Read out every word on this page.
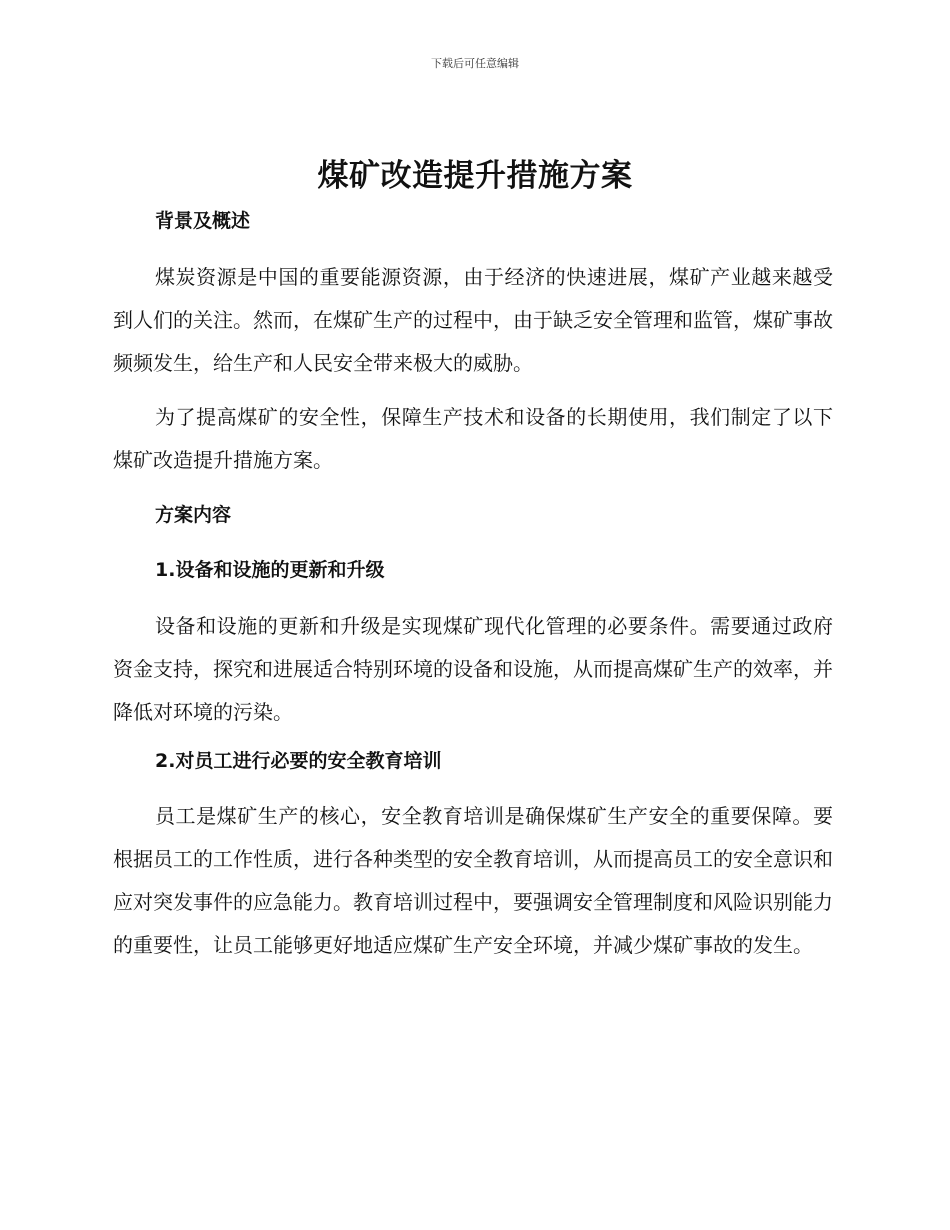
下载后可任意编辑
煤矿改造提升措施方案
背景及概述
煤炭资源是中国的重要能源资源，由于经济的快速进展，煤矿产业越来越受到人们的关注。然而，在煤矿生产的过程中，由于缺乏安全管理和监管，煤矿事故频频发生，给生产和人民安全带来极大的威胁。
为了提高煤矿的安全性，保障生产技术和设备的长期使用，我们制定了以下煤矿改造提升措施方案。
方案内容
1.设备和设施的更新和升级
设备和设施的更新和升级是实现煤矿现代化管理的必要条件。需要通过政府资金支持，探究和进展适合特别环境的设备和设施，从而提高煤矿生产的效率，并降低对环境的污染。
2.对员工进行必要的安全教育培训
员工是煤矿生产的核心，安全教育培训是确保煤矿生产安全的重要保障。要根据员工的工作性质，进行各种类型的安全教育培训，从而提高员工的安全意识和应对突发事件的应急能力。教育培训过程中，要强调安全管理制度和风险识别能力的重要性，让员工能够更好地适应煤矿生产安全环境，并减少煤矿事故的发生。
